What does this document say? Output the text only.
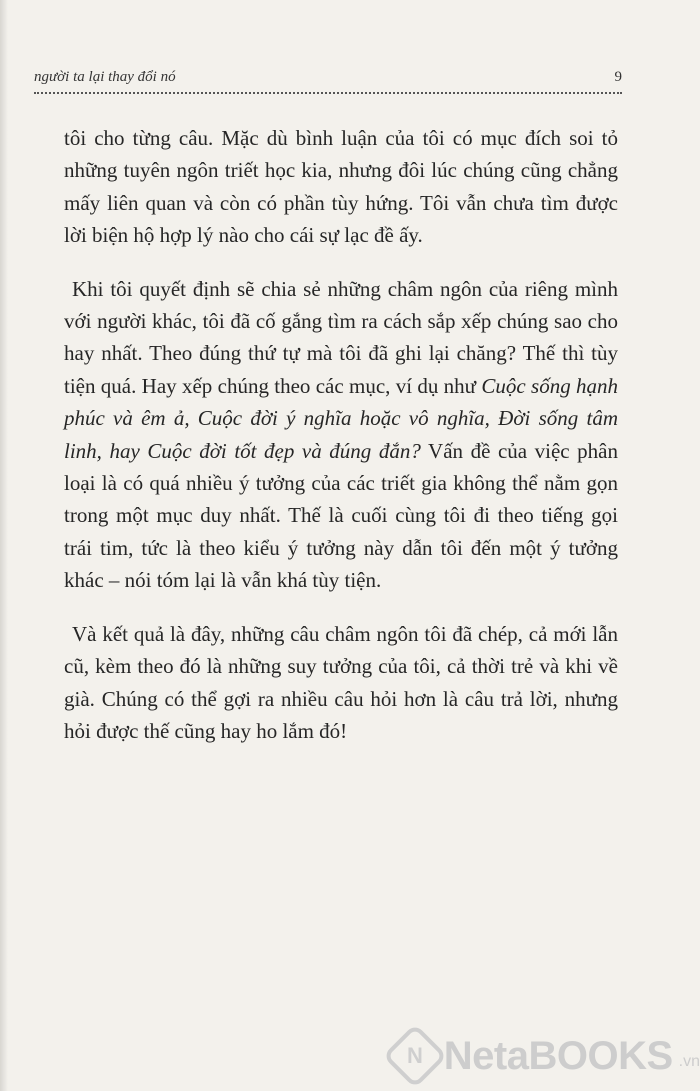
người ta lại thay đổi nó	9

tôi cho từng câu. Mặc dù bình luận của tôi có mục đích soi tỏ những tuyên ngôn triết học kia, nhưng đôi lúc chúng cũng chẳng mấy liên quan và còn có phần tùy hứng. Tôi vẫn chưa tìm được lời biện hộ hợp lý nào cho cái sự lạc đề ấy.

Khi tôi quyết định sẽ chia sẻ những châm ngôn của riêng mình với người khác, tôi đã cố gắng tìm ra cách sắp xếp chúng sao cho hay nhất. Theo đúng thứ tự mà tôi đã ghi lại chăng? Thế thì tùy tiện quá. Hay xếp chúng theo các mục, ví dụ như Cuộc sống hạnh phúc và êm ả, Cuộc đời ý nghĩa hoặc vô nghĩa, Đời sống tâm linh, hay Cuộc đời tốt đẹp và đúng đắn? Vấn đề của việc phân loại là có quá nhiều ý tưởng của các triết gia không thể nằm gọn trong một mục duy nhất. Thế là cuối cùng tôi đi theo tiếng gọi trái tim, tức là theo kiểu ý tưởng này dẫn tôi đến một ý tưởng khác – nói tóm lại là vẫn khá tùy tiện.

Và kết quả là đây, những câu châm ngôn tôi đã chép, cả mới lẫn cũ, kèm theo đó là những suy tưởng của tôi, cả thời trẻ và khi về già. Chúng có thể gợi ra nhiều câu hỏi hơn là câu trả lời, nhưng hỏi được thế cũng hay ho lắm đó!

N NetaBOOKS .vn
